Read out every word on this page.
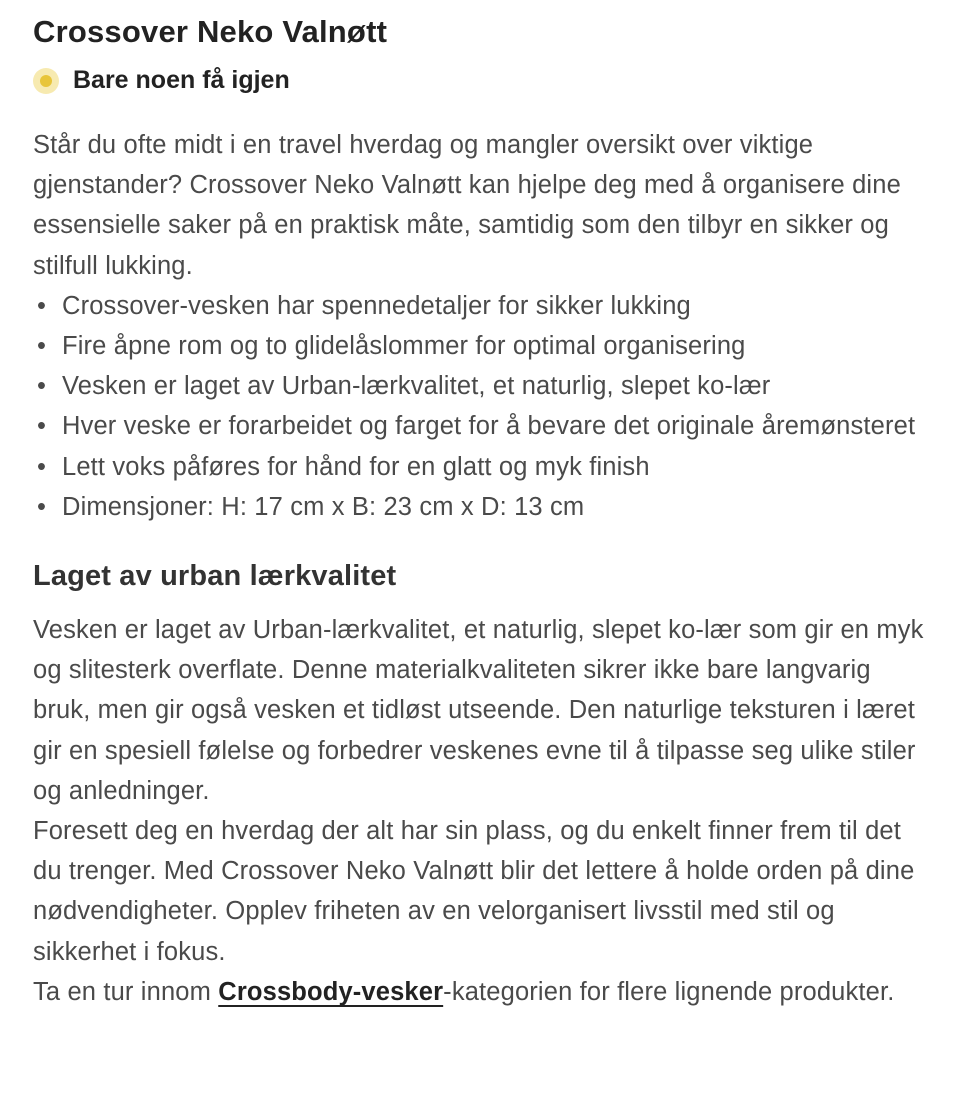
Crossover Neko Valnøtt
Bare noen få igjen

Står du ofte midt i en travel hverdag og mangler oversikt over viktige gjenstander? Crossover Neko Valnøtt kan hjelpe deg med å organisere dine essensielle saker på en praktisk måte, samtidig som den tilbyr en sikker og stilfull lukking.

• Crossover-vesken har spennedetaljer for sikker lukking

• Fire åpne rom og to glidelåslommer for optimal organisering

• Vesken er laget av Urban-lærkvalitet, et naturlig, slepet ko-lær

• Hver veske er forarbeidet og farget for å bevare det originale åremønsteret

• Lett voks påføres for hånd for en glatt og myk finish

• Dimensjoner: H: 17 cm x B: 23 cm x D: 13 cm

Laget av urban lærkvalitet

Vesken er laget av Urban-lærkvalitet, et naturlig, slepet ko-lær som gir en myk og slitesterk overflate. Denne materialkvaliteten sikrer ikke bare langvarig bruk, men gir også vesken et tidløst utseende. Den naturlige teksturen i læret gir en spesiell følelse og forbedrer veskenes evne til å tilpasse seg ulike stiler og anledninger.

Foresett deg en hverdag der alt har sin plass, og du enkelt finner frem til det du trenger. Med Crossover Neko Valnøtt blir det lettere å holde orden på dine nødvendigheter. Opplev friheten av en velorganisert livsstil med stil og sikkerhet i fokus.

Ta en tur innom Crossbody-vesker-kategorien for flere lignende produkter.
